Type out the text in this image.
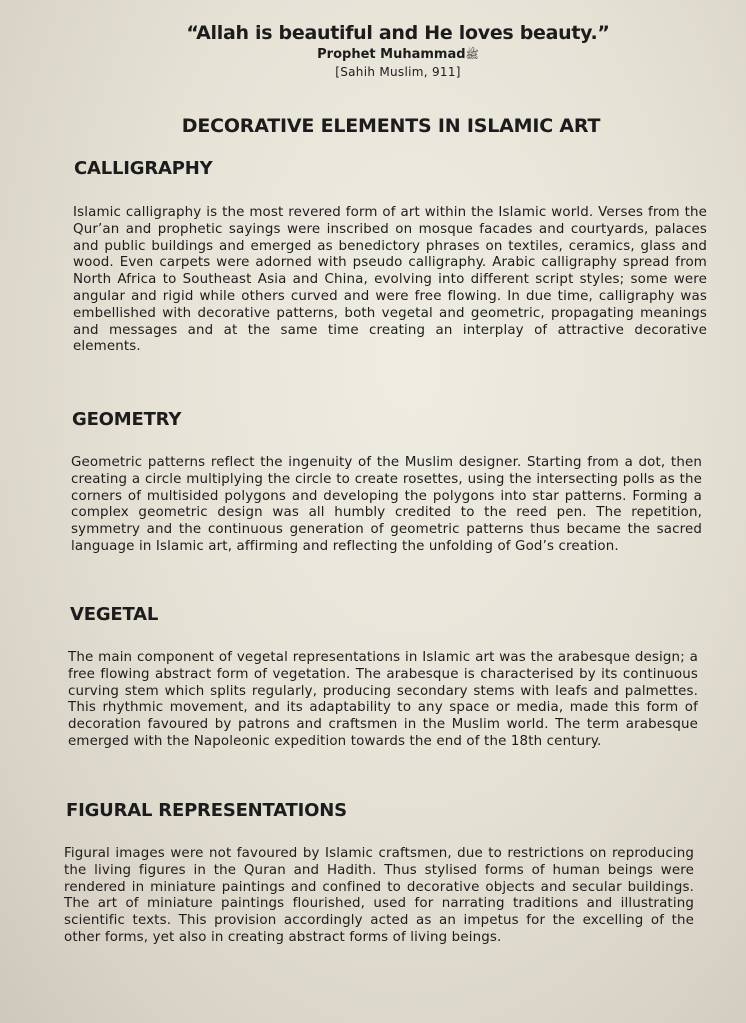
“Allah is beautiful and He loves beauty.”
Prophet Muhammadﷺ
[Sahih Muslim, 911]
DECORATIVE ELEMENTS IN ISLAMIC ART
CALLIGRAPHY
Islamic calligraphy is the most revered form of art within the Islamic world. Verses from the Qur’an and prophetic sayings were inscribed on mosque facades and courtyards, palaces and public buildings and emerged as benedictory phrases on textiles, ceramics, glass and wood. Even carpets were adorned with pseudo calligraphy. Arabic calligraphy spread from North Africa to Southeast Asia and China, evolving into different script styles; some were angular and rigid while others curved and were free flowing. In due time, calligraphy was embellished with decorative patterns, both vegetal and geometric, propagating meanings and messages and at the same time creating an interplay of attractive decorative elements.
GEOMETRY
Geometric patterns reflect the ingenuity of the Muslim designer. Starting from a dot, then creating a circle multiplying the circle to create rosettes, using the intersecting polls as the corners of multisided polygons and developing the polygons into star patterns. Forming a complex geometric design was all humbly credited to the reed pen. The repetition, symmetry and the continuous generation of geometric patterns thus became the sacred language in Islamic art, affirming and reflecting the unfolding of God’s creation.
VEGETAL
The main component of vegetal representations in Islamic art was the arabesque design; a free flowing abstract form of vegetation. The arabesque is characterised by its continuous curving stem which splits regularly, producing secondary stems with leafs and palmettes. This rhythmic movement, and its adaptability to any space or media, made this form of decoration favoured by patrons and craftsmen in the Muslim world. The term arabesque emerged with the Napoleonic expedition towards the end of the 18th century.
FIGURAL REPRESENTATIONS
Figural images were not favoured by Islamic craftsmen, due to restrictions on reproducing the living figures in the Quran and Hadith. Thus stylised forms of human beings were rendered in miniature paintings and confined to decorative objects and secular buildings. The art of miniature paintings flourished, used for narrating traditions and illustrating scientific texts. This provision accordingly acted as an impetus for the excelling of the other forms, yet also in creating abstract forms of living beings.
